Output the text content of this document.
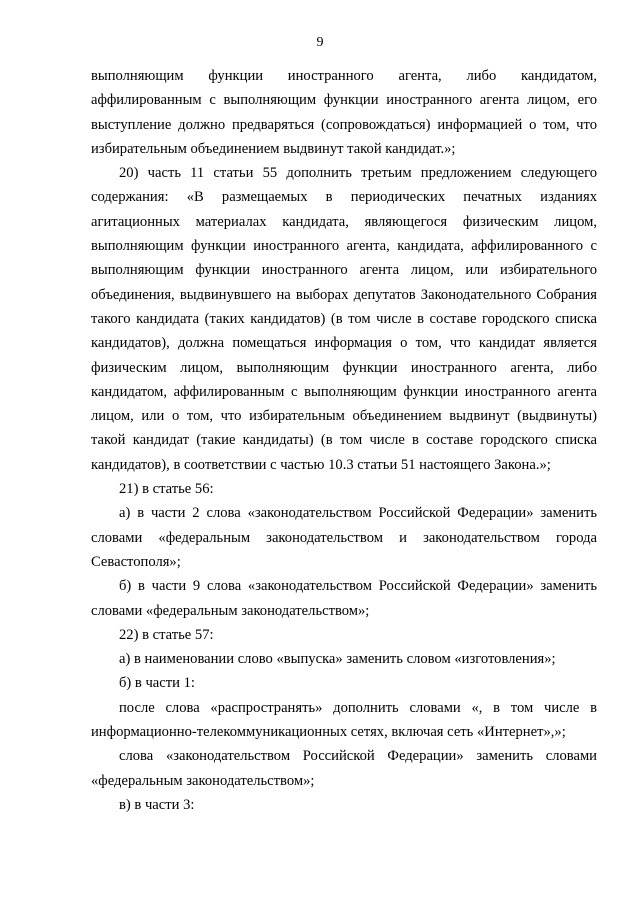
9

выполняющим функции иностранного агента, либо кандидатом, аффилированным с выполняющим функции иностранного агента лицом, его выступление должно предваряться (сопровождаться) информацией о том, что избирательным объединением выдвинут такой кандидат.»;

20) часть 11 статьи 55 дополнить третьим предложением следующего содержания: «В размещаемых в периодических печатных изданиях агитационных материалах кандидата, являющегося физическим лицом, выполняющим функции иностранного агента, кандидата, аффилированного с выполняющим функции иностранного агента лицом, или избирательного объединения, выдвинувшего на выборах депутатов Законодательного Собрания такого кандидата (таких кандидатов) (в том числе в составе городского списка кандидатов), должна помещаться информация о том, что кандидат является физическим лицом, выполняющим функции иностранного агента, либо кандидатом, аффилированным с выполняющим функции иностранного агента лицом, или о том, что избирательным объединением выдвинут (выдвинуты) такой кандидат (такие кандидаты) (в том числе в составе городского списка кандидатов), в соответствии с частью 10.3 статьи 51 настоящего Закона.»;

21) в статье 56:

а) в части 2 слова «законодательством Российской Федерации» заменить словами «федеральным законодательством и законодательством города Севастополя»;

б) в части 9 слова «законодательством Российской Федерации» заменить словами «федеральным законодательством»;

22) в статье 57:

а) в наименовании слово «выпуска» заменить словом «изготовления»;

б) в части 1:

после слова «распространять» дополнить словами «, в том числе в информационно-телекоммуникационных сетях, включая сеть «Интернет»,»;

слова «законодательством Российской Федерации» заменить словами «федеральным законодательством»;

в) в части 3:
